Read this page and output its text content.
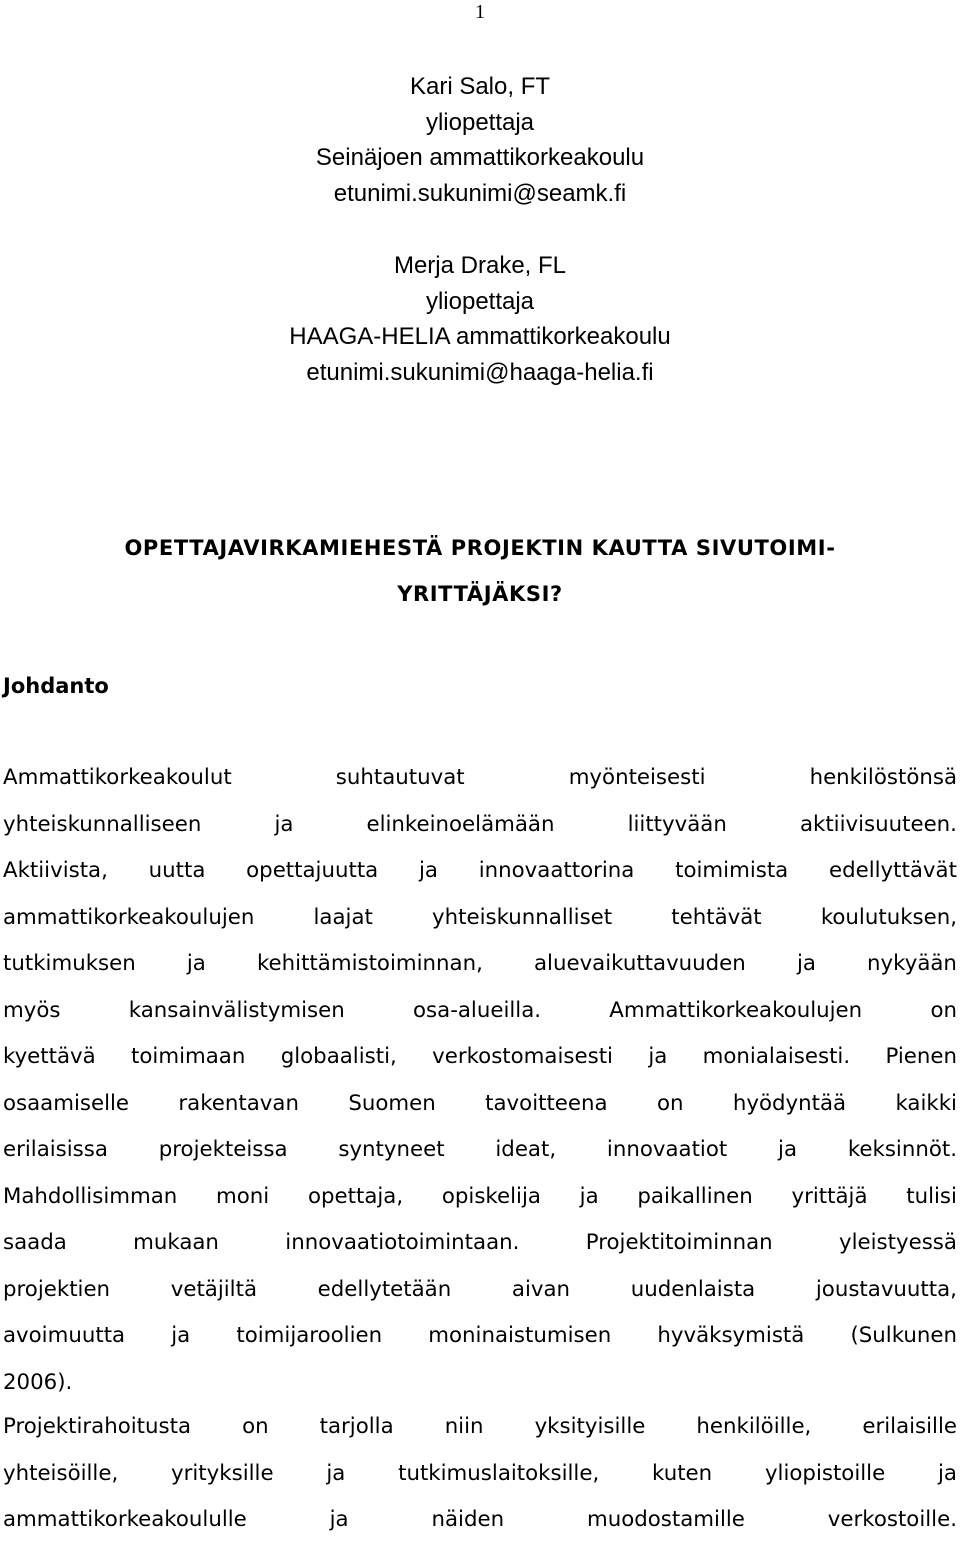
1
Kari Salo, FT
yliopettaja
Seinäjoen ammattikorkeakoulu
etunimi.sukunimi@seamk.fi
Merja Drake, FL
yliopettaja
HAAGA-HELIA ammattikorkeakoulu
etunimi.sukunimi@haaga-helia.fi
OPETTAJAVIRKAMIEHESTÄ PROJEKTIN KAUTTA SIVUTOIMI-
YRITTÄJÄKSI?
Johdanto
Ammattikorkeakoulut	suhtautuvat	myönteisesti	henkilöstönsä
yhteiskunnalliseen	ja	elinkeinoelämään	liittyvään	aktiivisuuteen.
Aktiivista, uutta opettajuutta ja innovaattorina toimimista edellyttävät
ammattikorkeakoulujen	laajat	yhteiskunnalliset	tehtävät	koulutuksen,
tutkimuksen ja kehittämistoiminnan, aluevaikuttavuuden ja nykyään
myös	kansainvälistymisen	osa-alueilla.	Ammattikorkeakoulujen	on
kyettävä toimimaan globaalisti, verkostomaisesti ja monialaisesti. Pienen
osaamiselle rakentavan Suomen tavoitteena on hyödyntää kaikki
erilaisissa projekteissa syntyneet ideat, innovaatiot ja keksinnöt.
Mahdollisimman moni opettaja, opiskelija ja paikallinen yrittäjä tulisi
saada	mukaan	innovaatiotoimintaan.	Projektitoiminnan	yleistyessä
projektien	vetäjiltä	edellytetään	aivan	uudenlaista	joustavuutta,
avoimuutta ja toimijaroolien moninaistumisen hyväksymistä (Sulkunen
2006).
Projektirahoitusta on tarjolla niin yksityisille henkilöille, erilaisille
yhteisöille, yrityksille ja tutkimuslaitoksille, kuten yliopistoille ja
ammattikorkeakoululle	ja	näiden	muodostamille	verkostoille.
